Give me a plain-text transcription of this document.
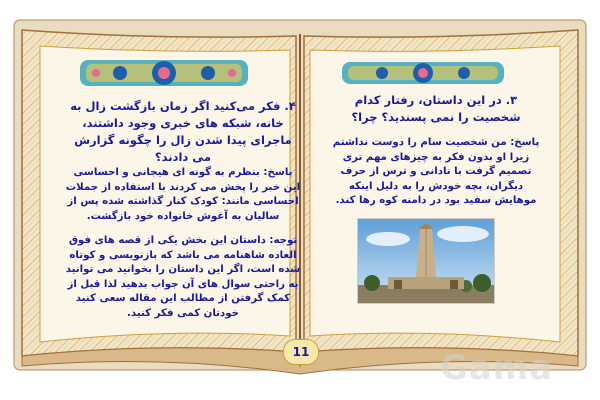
۴. فکر می‌کنید اگر زمان بازگشت زال به خانه، شبکه های خبری وجود داشتند، ماجرای پیدا شدن زال را چگونه گزارش می دادند؟
پاسخ: بنظرم به گونه ای هیجانی و احساسی این خبر را پخش می کردند با استفاده از جملات احساسی مانند: کودک کنار گذاشته شده پس از سالیان به آغوش خانواده خود بازگشت.
توجه: داستان این بخش یکی از قصه های فوق العاده شاهنامه می باشد که بازنویسی و کوتاه شده است، اگر این داستان را بخوانید می توانید به راحتی سوال های آن جواب بدهید لذا قبل از کمک گرفتن از مطالب این مقاله سعی کنید خودتان کمی فکر کنید.
۳. در این داستان، رفتار کدام شخصیت را نمی پسندید؟ چرا؟
پاسخ: من شخصیت سام را دوست نداشتم زیرا او بدون فکر به چیزهای مهم تری تصمیم گرفت با نادانی و ترس از حرف دیگران، بچه خودش را به دلیل اینکه موهایش سفید بود در دامنه کوه رها کند.
11	Gama
